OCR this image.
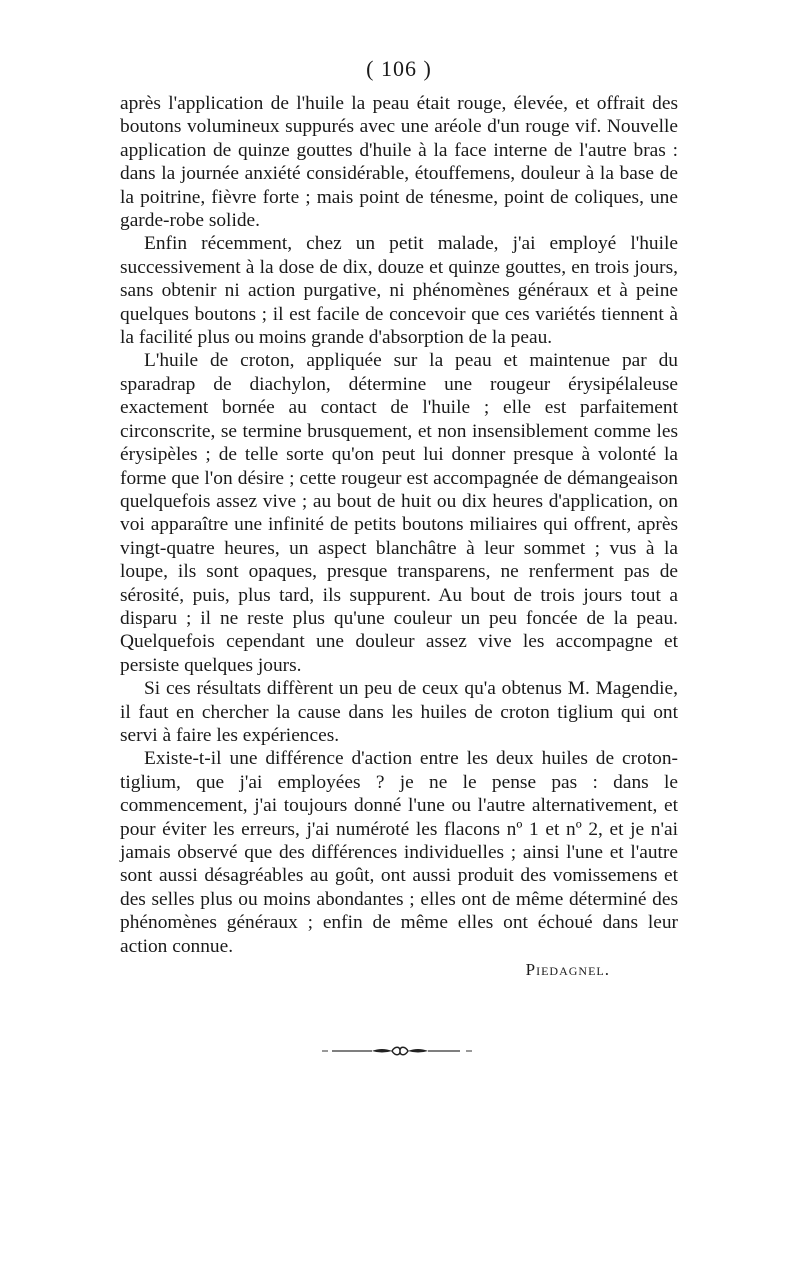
( 106 )

après l'application de l'huile la peau était rouge, élevée, et offrait des boutons volumineux suppurés avec une aréole d'un rouge vif. Nouvelle application de quinze gouttes d'huile à la face interne de l'autre bras : dans la journée anxiété considérable, étouffemens, douleur à la base de la poitrine, fièvre forte ; mais point de ténesme, point de coliques, une garde-robe solide.

Enfin récemment, chez un petit malade, j'ai employé l'huile successivement à la dose de dix, douze et quinze gouttes, en trois jours, sans obtenir ni action purgative, ni phénomènes généraux et à peine quelques boutons ; il est facile de concevoir que ces variétés tiennent à la facilité plus ou moins grande d'absorption de la peau.

L'huile de croton, appliquée sur la peau et maintenue par du sparadrap de diachylon, détermine une rougeur érysipélaleuse exactement bornée au contact de l'huile ; elle est parfaitement circonscrite, se termine brusquement, et non insensiblement comme les érysipèles ; de telle sorte qu'on peut lui donner presque à volonté la forme que l'on désire ; cette rougeur est accompagnée de démangeaison quelquefois assez vive ; au bout de huit ou dix heures d'application, on voi apparaître une infinité de petits boutons miliaires qui offrent, après vingt-quatre heures, un aspect blanchâtre à leur sommet ; vus à la loupe, ils sont opaques, presque transparens, ne renferment pas de sérosité, puis, plus tard, ils suppurent. Au bout de trois jours tout a disparu ; il ne reste plus qu'une couleur un peu foncée de la peau. Quelquefois cependant une douleur assez vive les accompagne et persiste quelques jours.

Si ces résultats diffèrent un peu de ceux qu'a obtenus M. Magendie, il faut en chercher la cause dans les huiles de croton tiglium qui ont servi à faire les expériences.

Existe-t-il une différence d'action entre les deux huiles de croton-tiglium, que j'ai employées ? je ne le pense pas : dans le commencement, j'ai toujours donné l'une ou l'autre alternativement, et pour éviter les erreurs, j'ai numéroté les flacons nº 1 et nº 2, et je n'ai jamais observé que des différences individuelles ; ainsi l'une et l'autre sont aussi désagréables au goût, ont aussi produit des vomissemens et des selles plus ou moins abondantes ; elles ont de même déterminé des phénomènes généraux ; enfin de même elles ont échoué dans leur action connue.

Piedagnel.
